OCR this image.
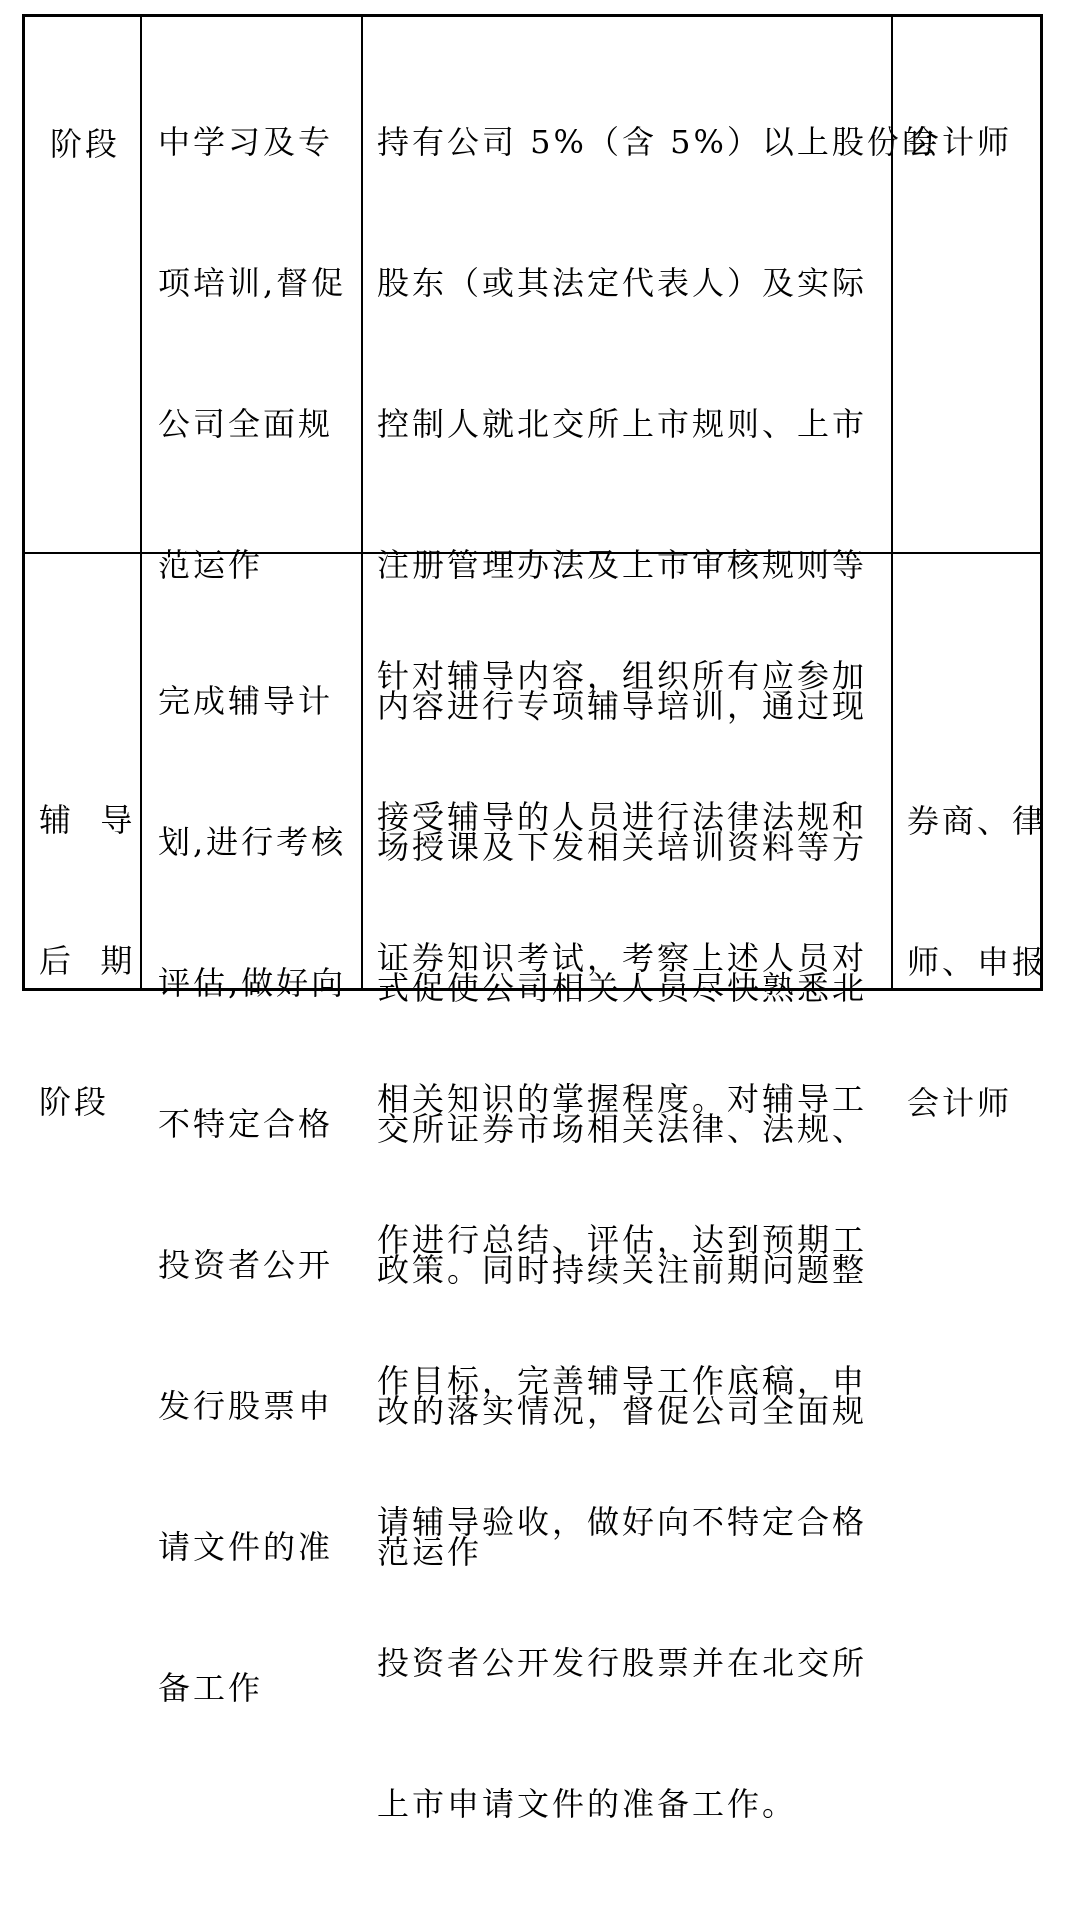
阶段

中学习及专

项培训,督促

公司全面规

范运作

持有公司 5%（含 5%）以上股份的

股东（或其法定代表人）及实际

控制人就北交所上市规则、上市

注册管理办法及上市审核规则等

内容进行专项辅导培训，通过现

场授课及下发相关培训资料等方

式促使公司相关人员尽快熟悉北

交所证券市场相关法律、法规、

政策。同时持续关注前期问题整

改的落实情况，督促公司全面规

范运作

会计师

辅  导

后  期

阶段

完成辅导计

划,进行考核

评估,做好向

不特定合格

投资者公开

发行股票申

请文件的准

备工作

针对辅导内容，组织所有应参加

接受辅导的人员进行法律法规和

证券知识考试，考察上述人员对

相关知识的掌握程度。对辅导工

作进行总结、评估，达到预期工

作目标，完善辅导工作底稿，申

请辅导验收，做好向不特定合格

投资者公开发行股票并在北交所

上市申请文件的准备工作。

券商、律

师、申报

会计师
